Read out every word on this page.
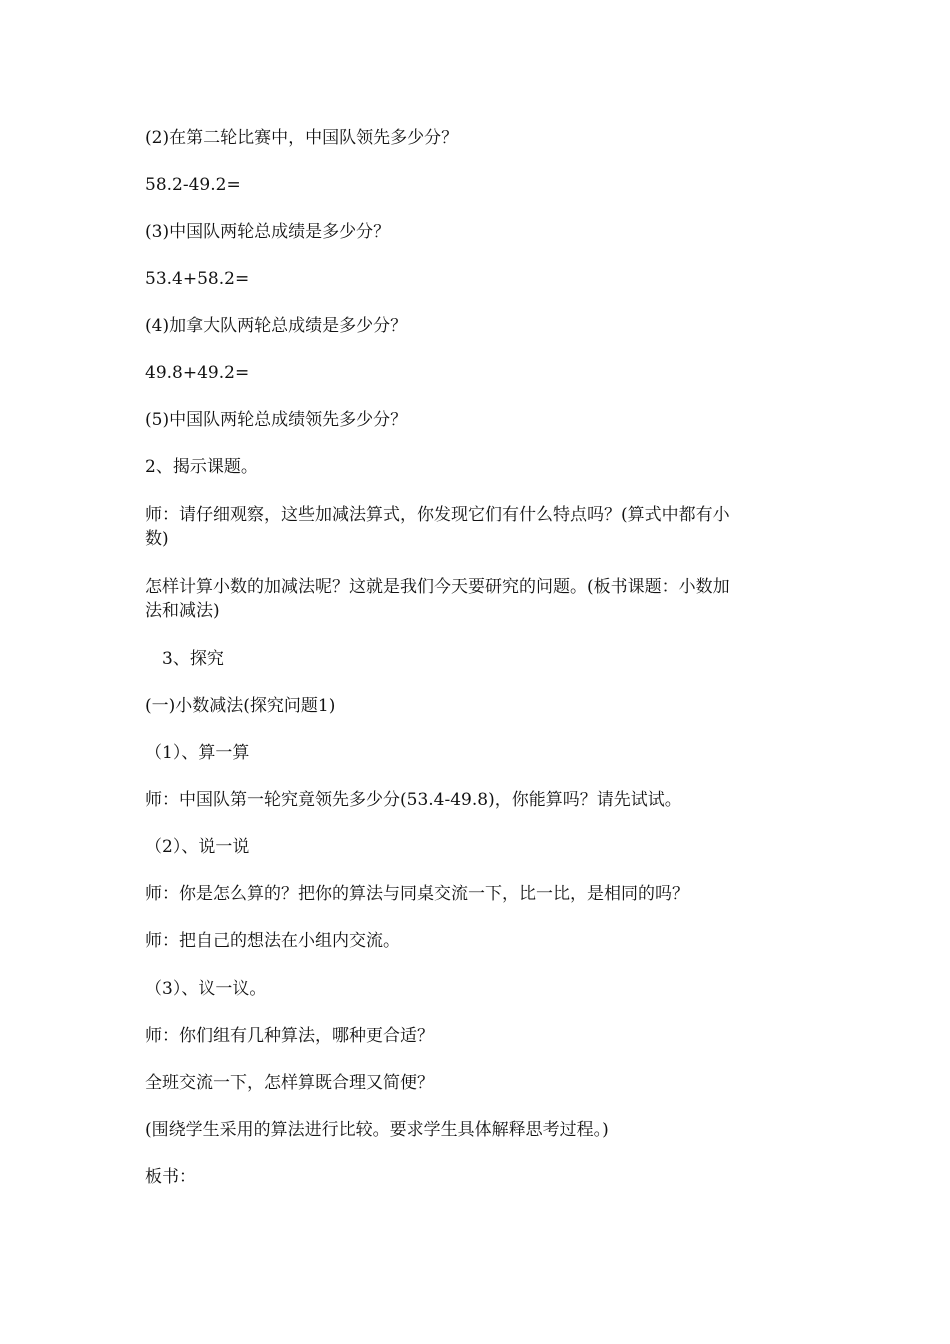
(2)在第二轮比赛中，中国队领先多少分？

58.2-49.2=

(3)中国队两轮总成绩是多少分？

53.4+58.2=

(4)加拿大队两轮总成绩是多少分？

49.8+49.2=

(5)中国队两轮总成绩领先多少分？

2、揭示课题。

师：请仔细观察，这些加减法算式，你发现它们有什么特点吗？(算式中都有小

数)

怎样计算小数的加减法呢？这就是我们今天要研究的问题。(板书课题：小数加

法和减法)

3、探究

(一)小数减法(探究问题1)

（1）、算一算

师：中国队第一轮究竟领先多少分(53.4-49.8)，你能算吗？请先试试。

（2）、说一说

师：你是怎么算的？把你的算法与同桌交流一下，比一比，是相同的吗？

师：把自己的想法在小组内交流。

（3）、议一议。

师：你们组有几种算法，哪种更合适？

全班交流一下，怎样算既合理又简便？

(围绕学生采用的算法进行比较。要求学生具体解释思考过程。)

板书：
